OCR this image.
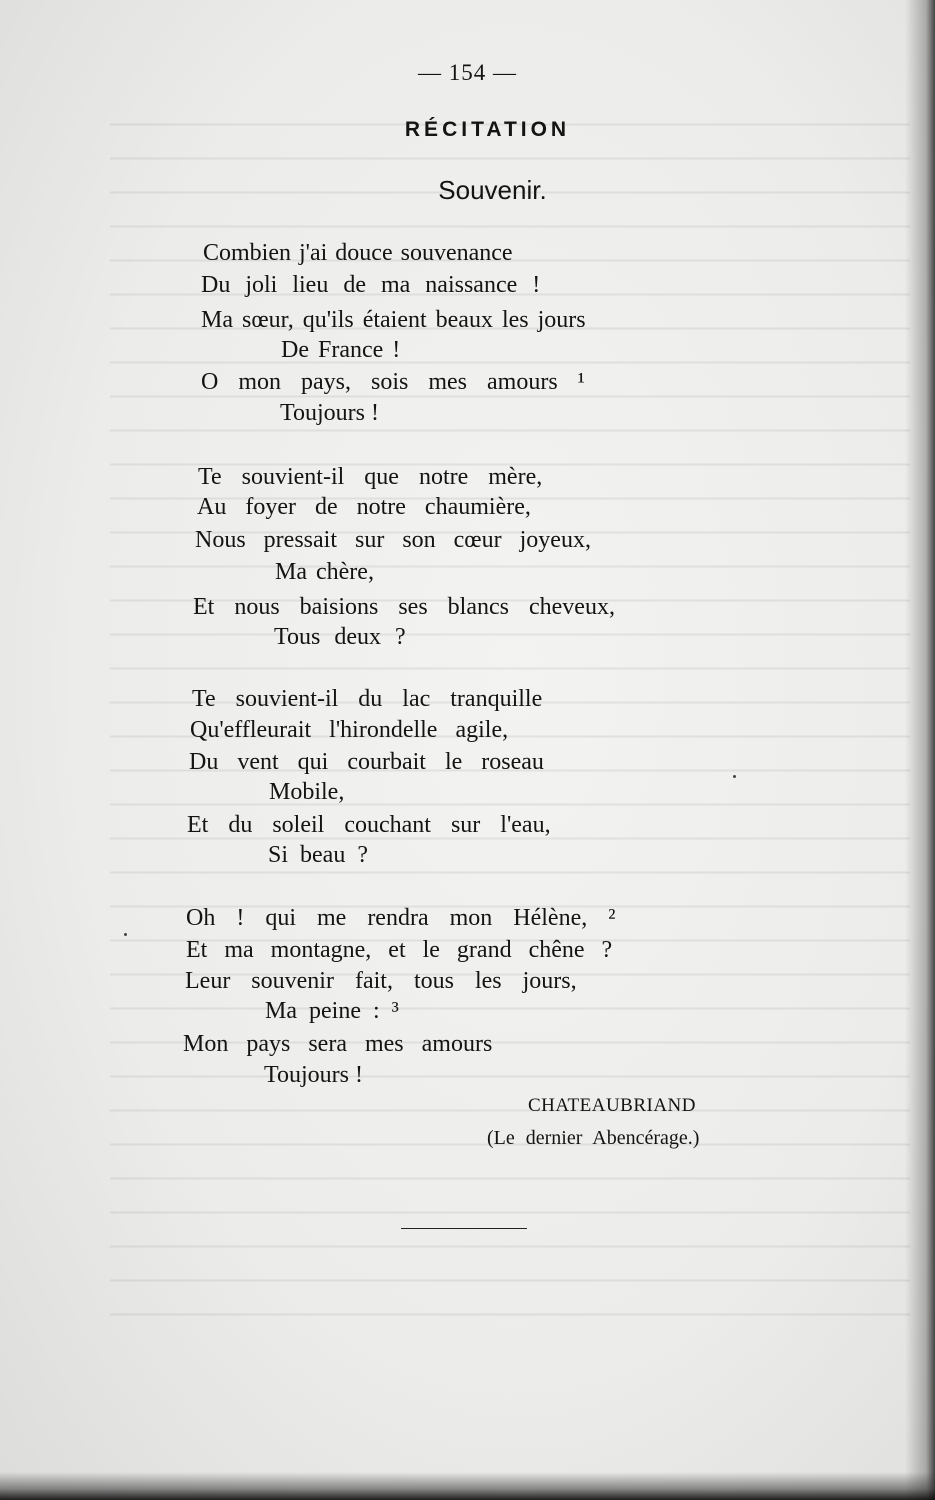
— 154 —
RÉCITATION
Souvenir.
Combien j'ai douce souvenance
Du joli lieu de ma naissance !
Ma sœur, qu'ils étaient beaux les jours
De France !
O mon pays, sois mes amours ¹
Toujours !
Te souvient-il que notre mère,
Au foyer de notre chaumière,
Nous pressait sur son cœur joyeux,
Ma chère,
Et nous baisions ses blancs cheveux,
Tous deux ?
Te souvient-il du lac tranquille
Qu'effleurait l'hirondelle agile,
Du vent qui courbait le roseau
Mobile,
Et du soleil couchant sur l'eau,
Si beau ?
Oh ! qui me rendra mon Hélène, ²
Et ma montagne, et le grand chêne ?
Leur souvenir fait, tous les jours,
Ma peine : ³
Mon pays sera mes amours
Toujours !
CHATEAUBRIAND
(Le dernier Abencérage.)
